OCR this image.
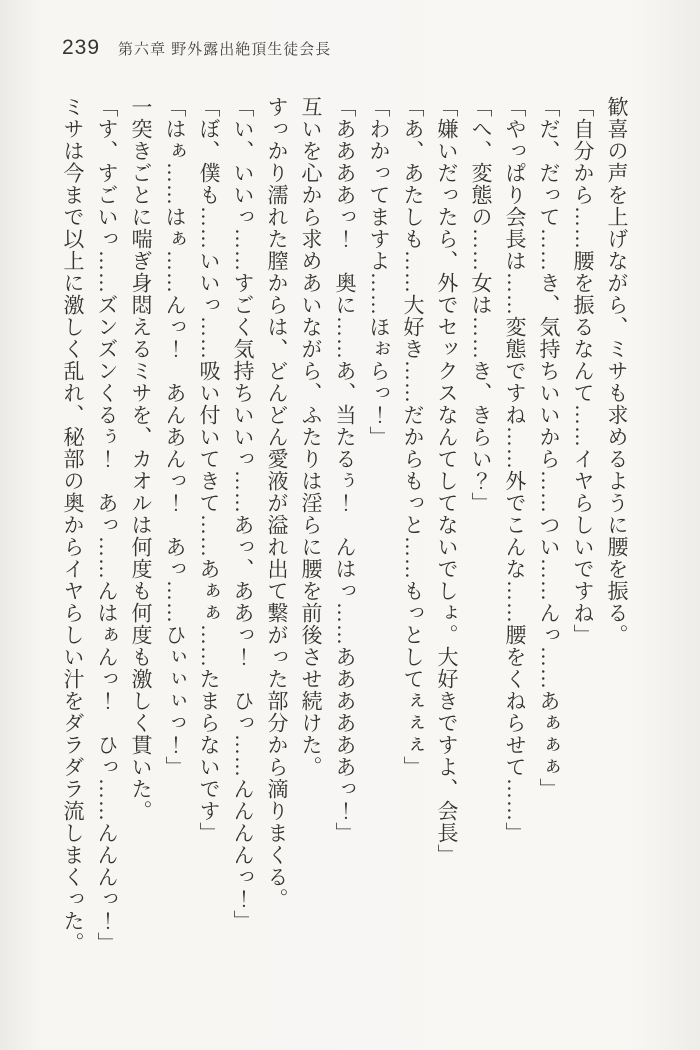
239 第六章 野外露出絶頂生徒会長

歓喜の声を上げながら、ミサも求めるように腰を振る。

「自分から……腰を振るなんて……イヤらしいですね」

「だ、だって……き、気持ちいいから……つい……んっ……あぁぁぁ」

「やっぱり会長は……変態ですね……外でこんな……腰をくねらせて……」

「へ、変態の……女は……き、きらい？」

「嫌いだったら、外でセックスなんてしてないでしょ。大好きですよ、会長」

「あ、あたしも……大好き……だからもっと……もっとしてぇぇぇ」

「わかってますよ……ほぉらっ！」

「ああああっ！　奥に……あ、当たるぅ！　んはっ……ああああああっ！」

互いを心から求めあいながら、ふたりは淫らに腰を前後させ続けた。

すっかり濡れた膣からは、どんどん愛液が溢れ出て繋がった部分から滴りまくる。

「い、いいっ……すごく気持ちいいっ……あっ、ああっ！　ひっ……んんんんっ！」

「ぼ、僕も……いいっ……吸い付いてきて……あぁぁ……たまらないです」

「はぁ……はぁ……んっ！　あんあんっ！　あっ……ひぃぃぃっ！」

一突きごとに喘ぎ身悶えるミサを、カオルは何度も何度も激しく貫いた。

「す、すごいっ……ズンズンくるぅ！　あっ……んはぁんっ！　ひっ……んんんっ！」

ミサは今まで以上に激しく乱れ、秘部の奥からイヤらしい汁をダラダラ流しまくった。
